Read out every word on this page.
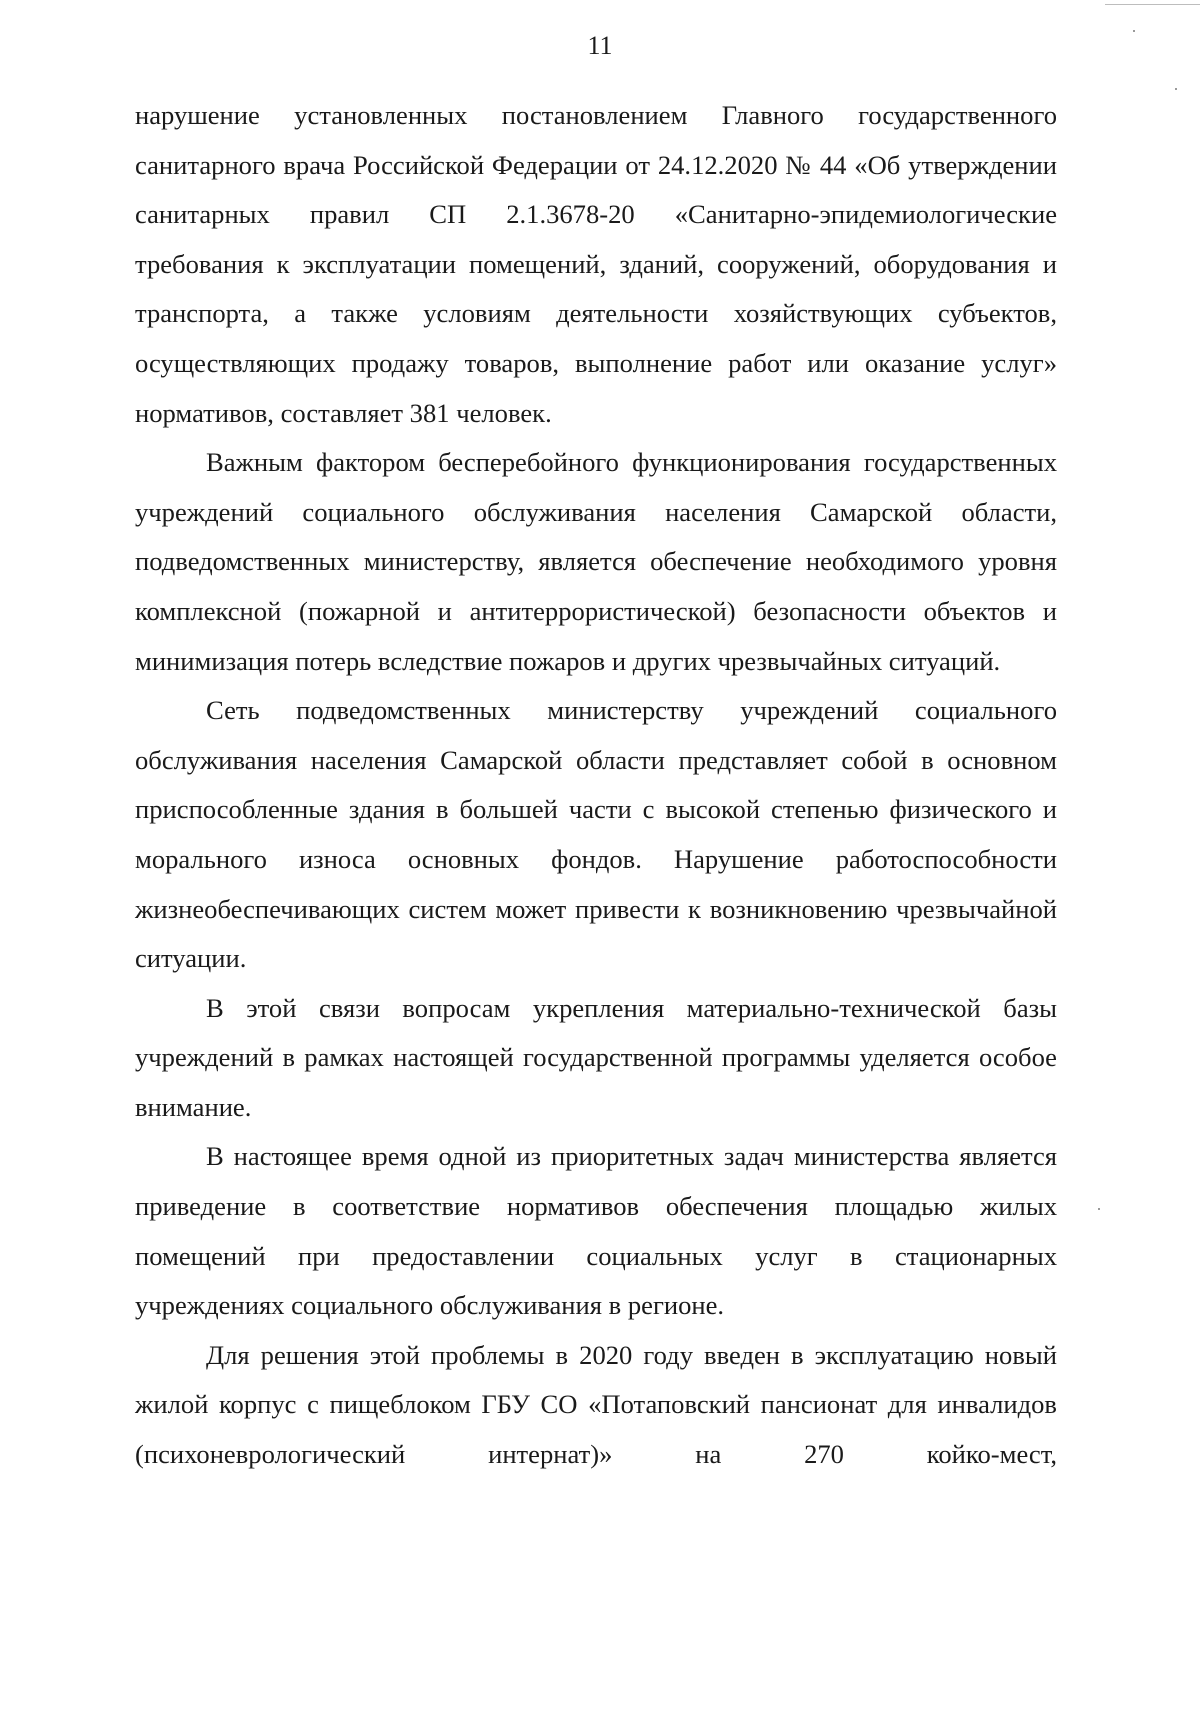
11

нарушение установленных постановлением Главного государственного санитарного врача Российской Федерации от 24.12.2020 № 44 «Об утверждении санитарных правил СП 2.1.3678-20 «Санитарно-эпидемиологические требования к эксплуатации помещений, зданий, сооружений, оборудования и транспорта, а также условиям деятельности хозяйствующих субъектов, осуществляющих продажу товаров, выполнение работ или оказание услуг» нормативов, составляет 381 человек.

Важным фактором бесперебойного функционирования государственных учреждений социального обслуживания населения Самарской области, подведомственных министерству, является обеспечение необходимого уровня комплексной (пожарной и антитеррористической) безопасности объектов и минимизация потерь вследствие пожаров и других чрезвычайных ситуаций.

Сеть подведомственных министерству учреждений социального обслуживания населения Самарской области представляет собой в основном приспособленные здания в большей части с высокой степенью физического и морального износа основных фондов. Нарушение работоспособности жизнеобеспечивающих систем может привести к возникновению чрезвычайной ситуации.

В этой связи вопросам укрепления материально-технической базы учреждений в рамках настоящей государственной программы уделяется особое внимание.

В настоящее время одной из приоритетных задач министерства является приведение в соответствие нормативов обеспечения площадью жилых помещений при предоставлении социальных услуг в стационарных учреждениях социального обслуживания в регионе.

Для решения этой проблемы в 2020 году введен в эксплуатацию новый жилой корпус с пищеблоком ГБУ СО «Потаповский пансионат для инвалидов (психоневрологический интернат)» на 270 койко-мест,
